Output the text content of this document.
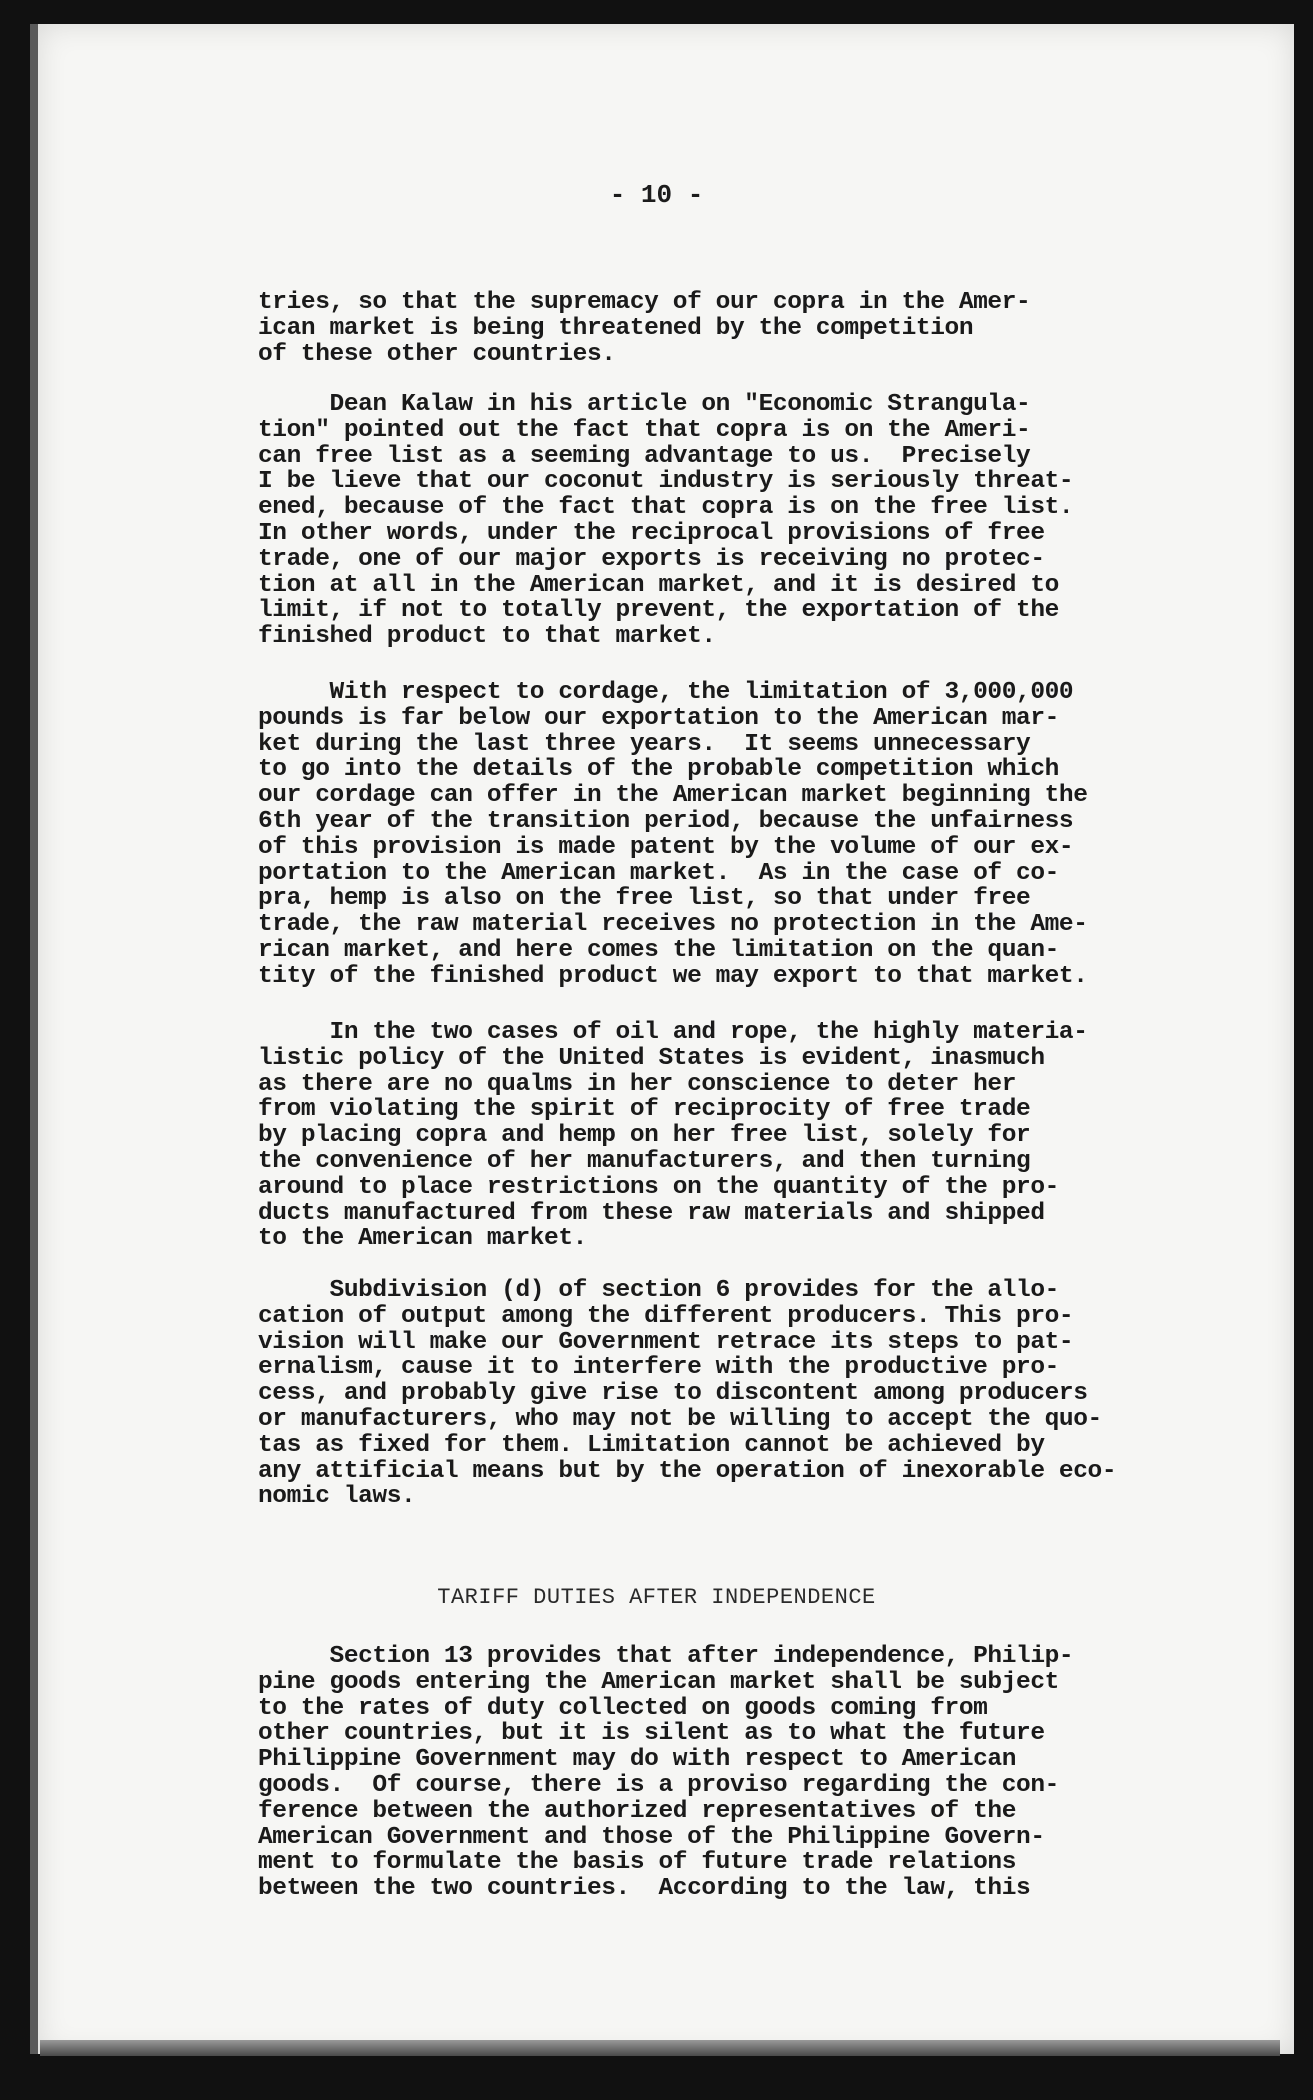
- 10 -
tries, so that the supremacy of our copra in the Amer-
ican market is being threatened by the competition
of these other countries.
Dean Kalaw in his article on "Economic Strangula-
tion" pointed out the fact that copra is on the Ameri-
can free list as a seeming advantage to us.  Precisely
I be lieve that our coconut industry is seriously threat-
ened, because of the fact that copra is on the free list.
In other words, under the reciprocal provisions of free
trade, one of our major exports is receiving no protec-
tion at all in the American market, and it is desired to
limit, if not to totally prevent, the exportation of the
finished product to that market.
With respect to cordage, the limitation of 3,000,000
pounds is far below our exportation to the American mar-
ket during the last three years.  It seems unnecessary
to go into the details of the probable competition which
our cordage can offer in the American market beginning the
6th year of the transition period, because the unfairness
of this provision is made patent by the volume of our ex-
portation to the American market.  As in the case of co-
pra, hemp is also on the free list, so that under free
trade, the raw material receives no protection in the Ame-
rican market, and here comes the limitation on the quan-
tity of the finished product we may export to that market.
In the two cases of oil and rope, the highly materia-
listic policy of the United States is evident, inasmuch
as there are no qualms in her conscience to deter her
from violating the spirit of reciprocity of free trade
by placing copra and hemp on her free list, solely for
the convenience of her manufacturers, and then turning
around to place restrictions on the quantity of the pro-
ducts manufactured from these raw materials and shipped
to the American market.
Subdivision (d) of section 6 provides for the allo-
cation of output among the different producers. This pro-
vision will make our Government retrace its steps to pat-
ernalism, cause it to interfere with the productive pro-
cess, and probably give rise to discontent among producers
or manufacturers, who may not be willing to accept the quo-
tas as fixed for them. Limitation cannot be achieved by
any attificial means but by the operation of inexorable eco-
nomic laws.
TARIFF DUTIES AFTER INDEPENDENCE
Section 13 provides that after independence, Philip-
pine goods entering the American market shall be subject
to the rates of duty collected on goods coming from
other countries, but it is silent as to what the future
Philippine Government may do with respect to American
goods.  Of course, there is a proviso regarding the con-
ference between the authorized representatives of the
American Government and those of the Philippine Govern-
ment to formulate the basis of future trade relations
between the two countries.  According to the law, this
